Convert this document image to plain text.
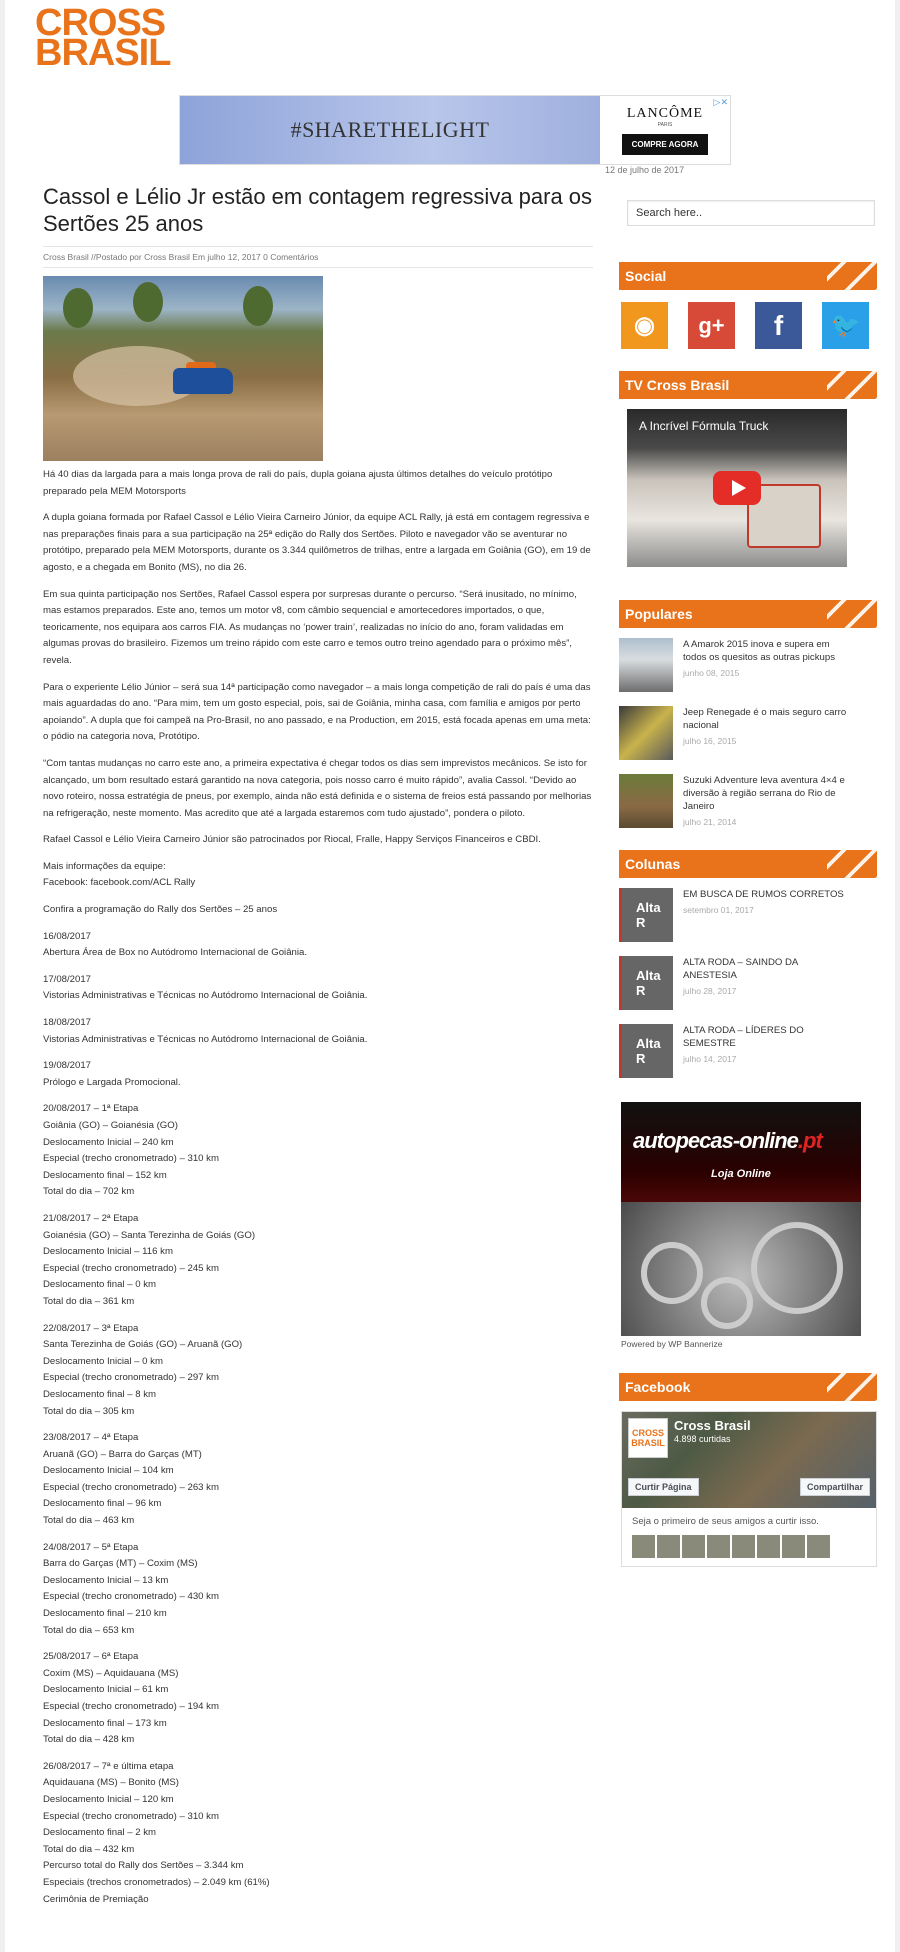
CROSS
BRASIL
#SHARETHELIGHT
LANCÔME
PARIS
COMPRE AGORA
▷✕
12 de julho de 2017
Cassol e Lélio Jr estão em contagem regressiva para os Sertões 25 anos
Cross Brasil //Postado por Cross Brasil Em julho 12, 2017 0 Comentários

Há 40 dias da largada para a mais longa prova de rali do país, dupla goiana ajusta últimos detalhes do veículo protótipo preparado pela MEM Motorsports

A dupla goiana formada por Rafael Cassol e Lélio Vieira Carneiro Júnior, da equipe ACL Rally, já está em contagem regressiva e nas preparações finais para a sua participação na 25ª edição do Rally dos Sertões. Piloto e navegador vão se aventurar no protótipo, preparado pela MEM Motorsports, durante os 3.344 quilômetros de trilhas, entre a largada em Goiânia (GO), em 19 de agosto, e a chegada em Bonito (MS), no dia 26.

Em sua quinta participação nos Sertões, Rafael Cassol espera por surpresas durante o percurso. “Será inusitado, no mínimo, mas estamos preparados. Este ano, temos um motor v8, com câmbio sequencial e amortecedores importados, o que, teoricamente, nos equipara aos carros FIA. As mudanças no ‘power train’, realizadas no início do ano, foram validadas em algumas provas do brasileiro. Fizemos um treino rápido com este carro e temos outro treino agendado para o próximo mês”, revela.

Para o experiente Lélio Júnior – será sua 14ª participação como navegador – a mais longa competição de rali do país é uma das mais aguardadas do ano. “Para mim, tem um gosto especial, pois, sai de Goiânia, minha casa, com família e amigos por perto apoiando”. A dupla que foi campeã na Pro-Brasil, no ano passado, e na Production, em 2015, está focada apenas em uma meta: o pódio na categoria nova, Protótipo.

“Com tantas mudanças no carro este ano, a primeira expectativa é chegar todos os dias sem imprevistos mecânicos. Se isto for alcançado, um bom resultado estará garantido na nova categoria, pois nosso carro é muito rápido”, avalia Cassol. “Devido ao novo roteiro, nossa estratégia de pneus, por exemplo, ainda não está definida e o sistema de freios está passando por melhorias na refrigeração, neste momento. Mas acredito que até a largada estaremos com tudo ajustado”, pondera o piloto.

Rafael Cassol e Lélio Vieira Carneiro Júnior são patrocinados por Riocal, Fralle, Happy Serviços Financeiros e CBDI.

Mais informações da equipe:

Facebook: facebook.com/ACL Rally

Confira a programação do Rally dos Sertões – 25 anos

16/08/2017
Abertura Área de Box no Autódromo Internacional de Goiânia.
17/08/2017
Vistorias Administrativas e Técnicas no Autódromo Internacional de Goiânia.
18/08/2017
Vistorias Administrativas e Técnicas no Autódromo Internacional de Goiânia.
19/08/2017
Prólogo e Largada Promocional.
20/08/2017 – 1ª Etapa
Goiânia (GO) – Goianésia (GO)
Deslocamento Inicial – 240 km
Especial (trecho cronometrado) – 310 km
Deslocamento final – 152 km
Total do dia – 702 km
21/08/2017 – 2ª Etapa
Goianésia (GO) – Santa Terezinha de Goiás (GO)
Deslocamento Inicial – 116 km
Especial (trecho cronometrado) – 245 km
Deslocamento final – 0 km
Total do dia – 361 km
22/08/2017 – 3ª Etapa
Santa Terezinha de Goiás (GO) – Aruanã (GO)
Deslocamento Inicial – 0 km
Especial (trecho cronometrado) – 297 km
Deslocamento final – 8 km
Total do dia – 305 km
23/08/2017 – 4ª Etapa
Aruanã (GO) – Barra do Garças (MT)
Deslocamento Inicial – 104 km
Especial (trecho cronometrado) – 263 km
Deslocamento final – 96 km
Total do dia – 463 km
24/08/2017 – 5ª Etapa
Barra do Garças (MT) – Coxim (MS)
Deslocamento Inicial – 13 km
Especial (trecho cronometrado) – 430 km
Deslocamento final – 210 km
Total do dia – 653 km
25/08/2017 – 6ª Etapa
Coxim (MS) – Aquidauana (MS)
Deslocamento Inicial – 61 km
Especial (trecho cronometrado) – 194 km
Deslocamento final – 173 km
Total do dia – 428 km
26/08/2017 – 7ª e última etapa
Aquidauana (MS) – Bonito (MS)
Deslocamento Inicial – 120 km
Especial (trecho cronometrado) – 310 km
Deslocamento final – 2 km
Total do dia – 432 km
Percurso total do Rally dos Sertões – 3.344 km
Especiais (trechos cronometrados) – 2.049 km (61%)
Cerimônia de Premiação
Search here..
Social
◉	g+	f	🐦
TV Cross Brasil
A Incrível Fórmula Truck
Populares
A Amarok 2015 inova e supera em todos os quesitos as outras pickups
junho 08, 2015
Jeep Renegade é o mais seguro carro nacional
julho 16, 2015
Suzuki Adventure leva aventura 4×4 e diversão à região serrana do Rio de Janeiro
julho 21, 2014
Colunas
Alta R
EM BUSCA DE RUMOS CORRETOS
setembro 01, 2017
Alta R
ALTA RODA – SAINDO DA ANESTESIA
julho 28, 2017
Alta R
ALTA RODA – LÍDERES DO SEMESTRE
julho 14, 2017
autopecas-online.pt
Loja Online
Powered by WP Bannerize
Facebook
CROSS BRASIL
Cross Brasil
4.898 curtidas
Curtir Página	Compartilhar
Seja o primeiro de seus amigos a curtir isso.
